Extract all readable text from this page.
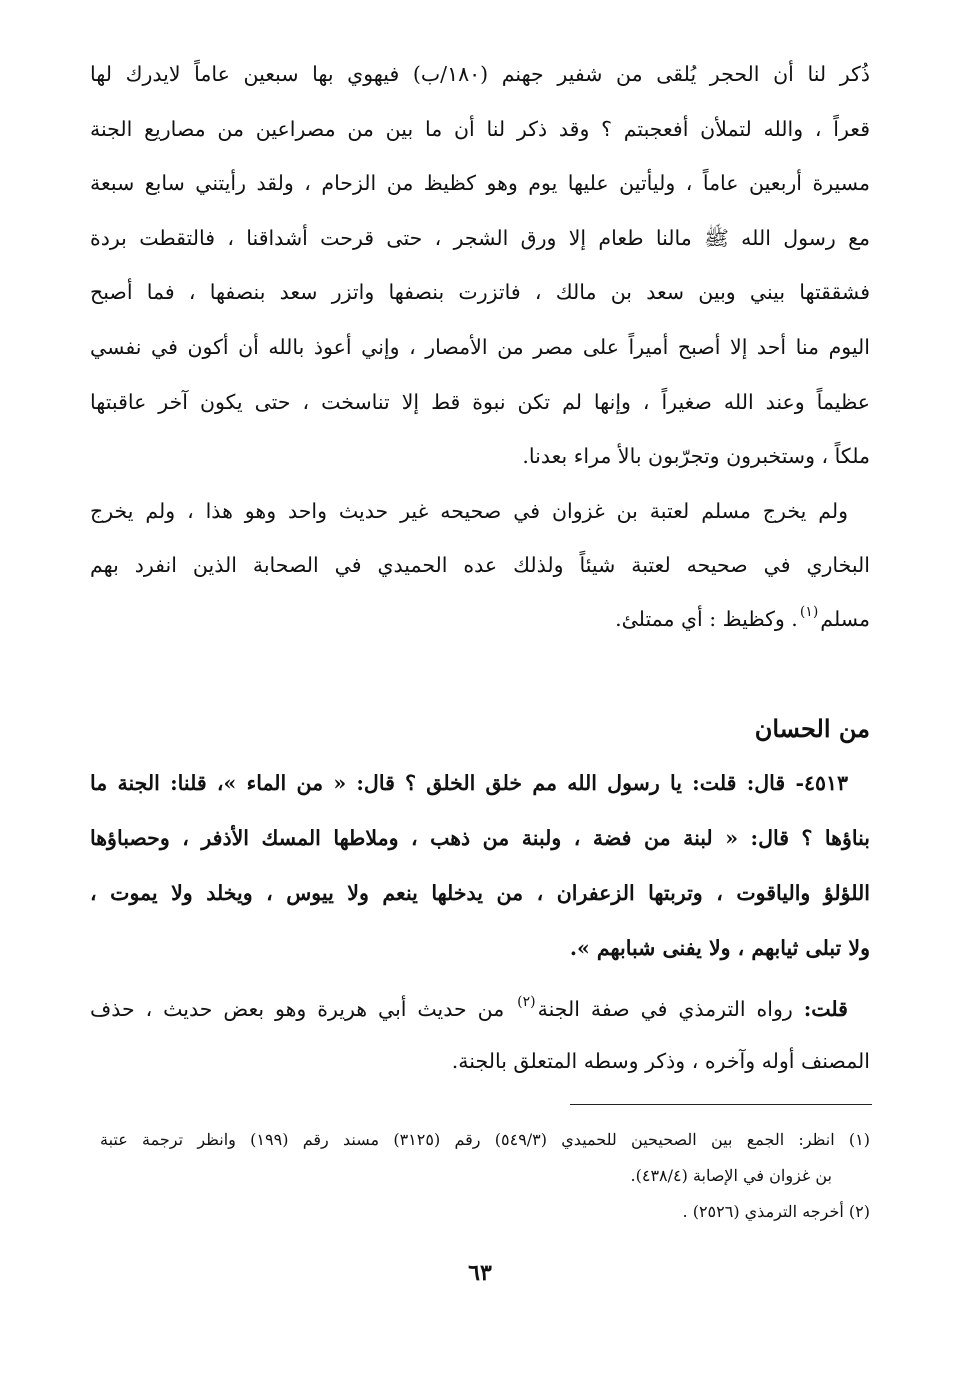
ذُكر لنا أن الحجر يُلقى من شفير جهنم (١٨٠/ب) فيهوي بها سبعين عاماً لايدرك لها
قعراً ، والله لتملأن أفعجبتم ؟ وقد ذكر لنا أن ما بين من مصراعين من مصاريع الجنة
مسيرة أربعين عاماً ، وليأتين عليها يوم وهو كظيظ من الزحام ، ولقد رأيتني سابع سبعة
مع رسول الله ﷺ مالنا طعام إلا ورق الشجر ، حتى قرحت أشداقنا ، فالتقطت بردة
فشققتها بيني وبين سعد بن مالك ، فاتزرت بنصفها واتزر سعد بنصفها ، فما أصبح
اليوم منا أحد إلا أصبح أميراً على مصر من الأمصار ، وإني أعوذ بالله أن أكون في نفسي
عظيماً وعند الله صغيراً ، وإنها لم تكن نبوة قط إلا تناسخت ، حتى يكون آخر عاقبتها
ملكاً ، وستخبرون وتجرّبون بالأ مراء بعدنا.
ولم يخرج مسلم لعتبة بن غزوان في صحيحه غير حديث واحد وهو هذا ، ولم يخرج
البخاري في صحيحه لعتبة شيئاً ولذلك عده الحميدي في الصحابة الذين انفرد بهم
مسلم$^{(١)}$. وكظيظ : أي ممتلئ.
من الحسان
٤٥١٣- قال: قلت: يا رسول الله مم خلق الخلق ؟ قال: « من الماء »، قلنا: الجنة ما
بناؤها ؟ قال: « لبنة من فضة ، ولبنة من ذهب ، وملاطها المسك الأذفر ، وحصباؤها
اللؤلؤ والياقوت ، وتربتها الزعفران ، من يدخلها ينعم ولا ييوس ، ويخلد ولا يموت ،
ولا تبلى ثيابهم ، ولا يفنى شبابهم ».
قلت: رواه الترمذي في صفة الجنة$^{(٢)}$ من حديث أبي هريرة وهو بعض حديث ، حذف
المصنف أوله وآخره ، وذكر وسطه المتعلق بالجنة.
(١) انظر: الجمع بين الصحيحين للحميدي (٥٤٩/٣) رقم (٣١٢٥) مسند رقم (١٩٩) وانظر ترجمة عتبة
بن غزوان في الإصابة (٤٣٨/٤).
(٢) أخرجه الترمذي (٢٥٢٦) .
٦٣
